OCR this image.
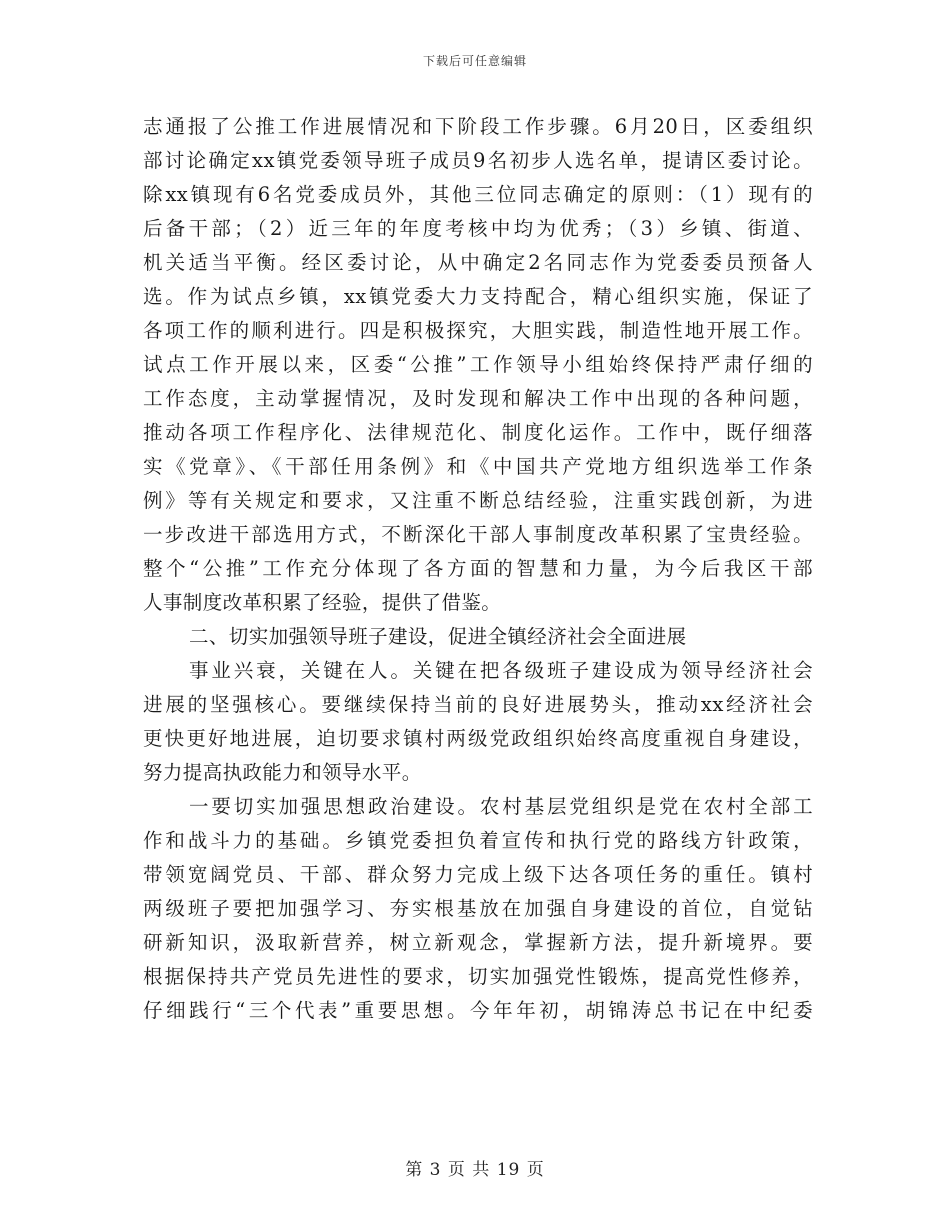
下载后可任意编辑
志通报了公推工作进展情况和下阶段工作步骤。6月20日，区委组织
部讨论确定xx镇党委领导班子成员9名初步人选名单，提请区委讨论。
除xx镇现有6名党委成员外，其他三位同志确定的原则：（1）现有的
后备干部；（2）近三年的年度考核中均为优秀；（3）乡镇、街道、
机关适当平衡。经区委讨论，从中确定2名同志作为党委委员预备人
选。作为试点乡镇，xx镇党委大力支持配合，精心组织实施，保证了
各项工作的顺利进行。四是积极探究，大胆实践，制造性地开展工作。
试点工作开展以来，区委“公推”工作领导小组始终保持严肃仔细的
工作态度，主动掌握情况，及时发现和解决工作中出现的各种问题，
推动各项工作程序化、法律规范化、制度化运作。工作中，既仔细落
实《党章》、《干部任用条例》和《中国共产党地方组织选举工作条
例》等有关规定和要求，又注重不断总结经验，注重实践创新，为进
一步改进干部选用方式，不断深化干部人事制度改革积累了宝贵经验。
整个“公推”工作充分体现了各方面的智慧和力量，为今后我区干部
人事制度改革积累了经验，提供了借鉴。
二、切实加强领导班子建设，促进全镇经济社会全面进展
事业兴衰，关键在人。关键在把各级班子建设成为领导经济社会
进展的坚强核心。要继续保持当前的良好进展势头，推动xx经济社会
更快更好地进展，迫切要求镇村两级党政组织始终高度重视自身建设，
努力提高执政能力和领导水平。
一要切实加强思想政治建设。农村基层党组织是党在农村全部工
作和战斗力的基础。乡镇党委担负着宣传和执行党的路线方针政策，
带领宽阔党员、干部、群众努力完成上级下达各项任务的重任。镇村
两级班子要把加强学习、夯实根基放在加强自身建设的首位，自觉钻
研新知识，汲取新营养，树立新观念，掌握新方法，提升新境界。要
根据保持共产党员先进性的要求，切实加强党性锻炼，提高党性修养，
仔细践行“三个代表”重要思想。今年年初，胡锦涛总书记在中纪委
第 3 页 共 19 页
